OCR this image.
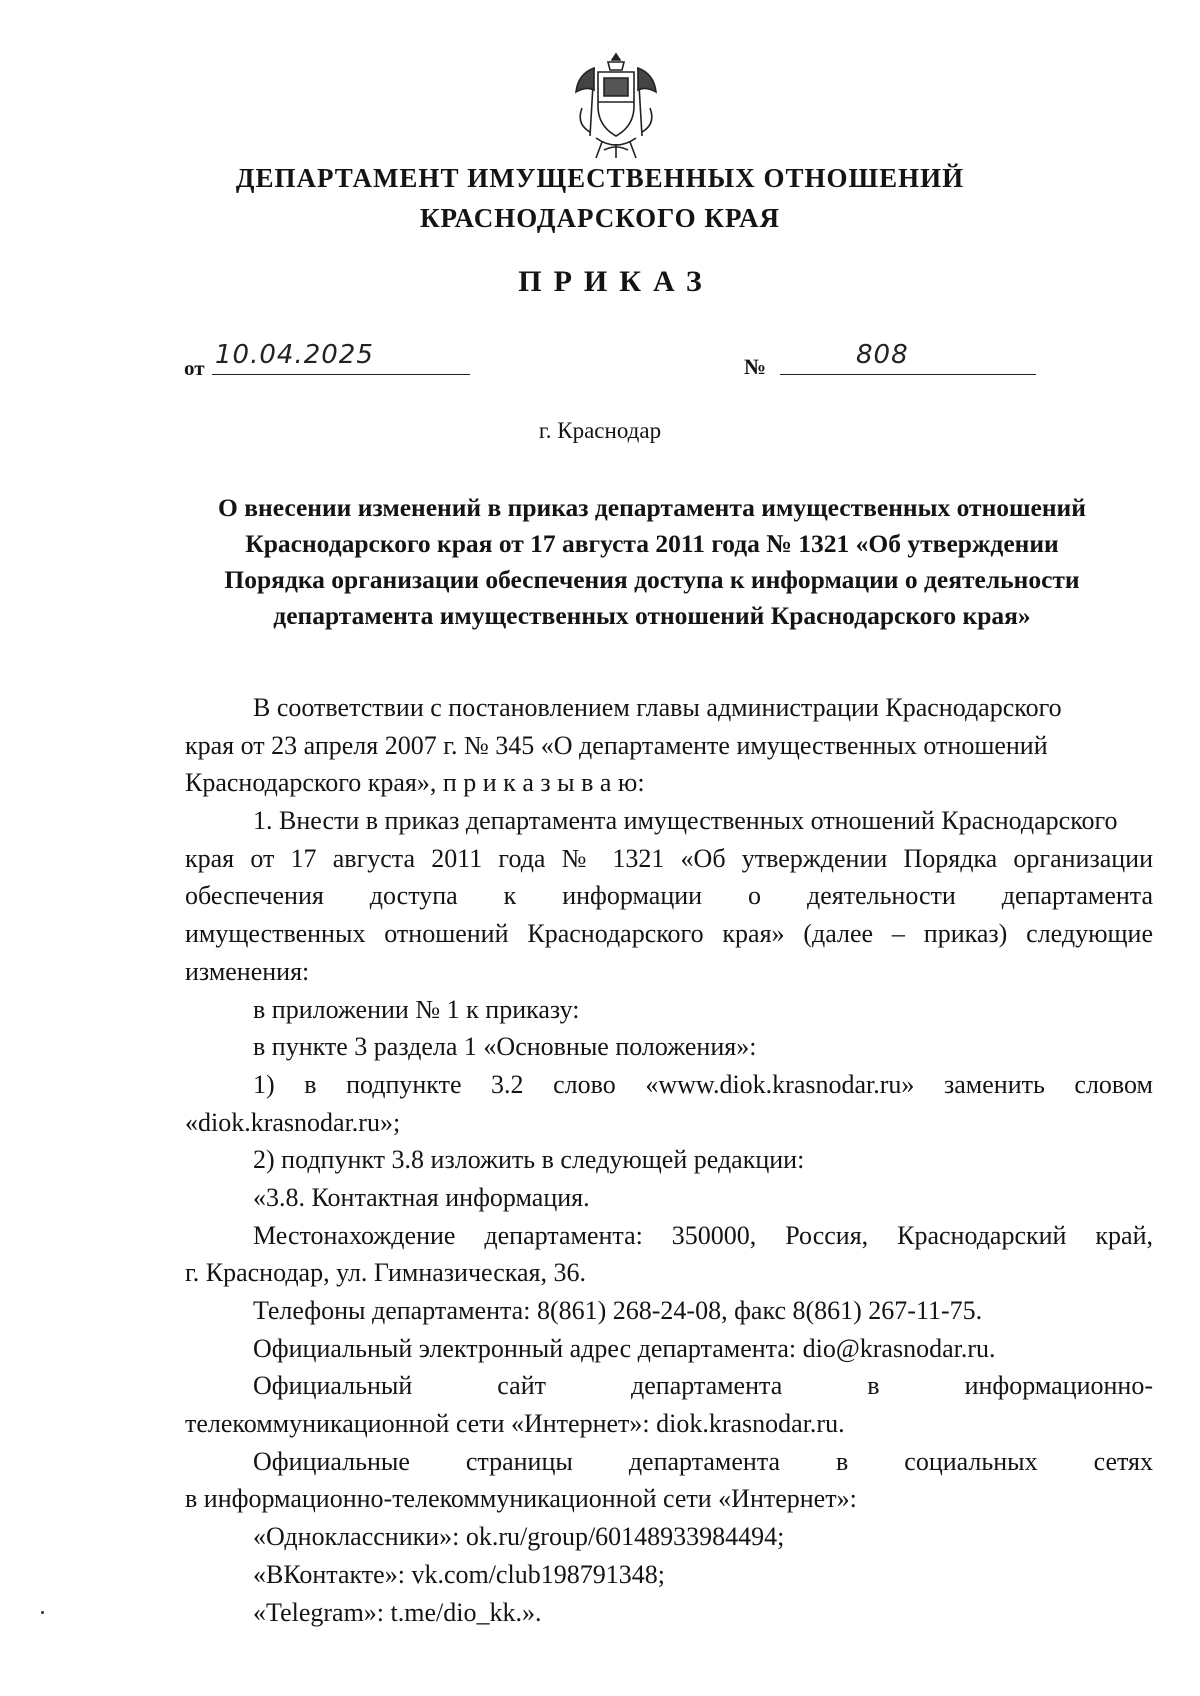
ДЕПАРТАМЕНТ ИМУЩЕСТВЕННЫХ ОТНОШЕНИЙ
КРАСНОДАРСКОГО КРАЯ
ПРИКАЗ
от 10.04.2025	№	808
г. Краснодар
О внесении изменений в приказ департамента имущественных отношений
Краснодарского края от 17 августа 2011 года № 1321 «Об утверждении
Порядка организации обеспечения доступа к информации о деятельности
департамента имущественных отношений Краснодарского края»
В соответствии с постановлением главы администрации Краснодарского
края от 23 апреля 2007 г. № 345 «О департаменте имущественных отношений
Краснодарского края», п р и к а з ы в а ю:
1. Внести в приказ департамента имущественных отношений Краснодарского
края от 17 августа 2011 года № 1321 «Об утверждении Порядка организации
обеспечения доступа к информации о деятельности департамента
имущественных отношений Краснодарского края» (далее – приказ) следующие
изменения:
в приложении № 1 к приказу:
в пункте 3 раздела 1 «Основные положения»:
1) в подпункте 3.2 слово «www.diok.krasnodar.ru» заменить словом
«diok.krasnodar.ru»;
2) подпункт 3.8 изложить в следующей редакции:
«3.8. Контактная информация.
Местонахождение департамента: 350000, Россия, Краснодарский край,
г. Краснодар, ул. Гимназическая, 36.
Телефоны департамента: 8(861) 268-24-08, факс 8(861) 267-11-75.
Официальный электронный адрес департамента: dio@krasnodar.ru.
Официальный сайт департамента в информационно-
телекоммуникационной сети «Интернет»: diok.krasnodar.ru.
Официальные страницы департамента в социальных сетях
в информационно-телекоммуникационной сети «Интернет»:
«Одноклассники»: ok.ru/group/60148933984494;
«ВКонтакте»: vk.com/club198791348;
«Telegram»: t.me/dio_kk.».
